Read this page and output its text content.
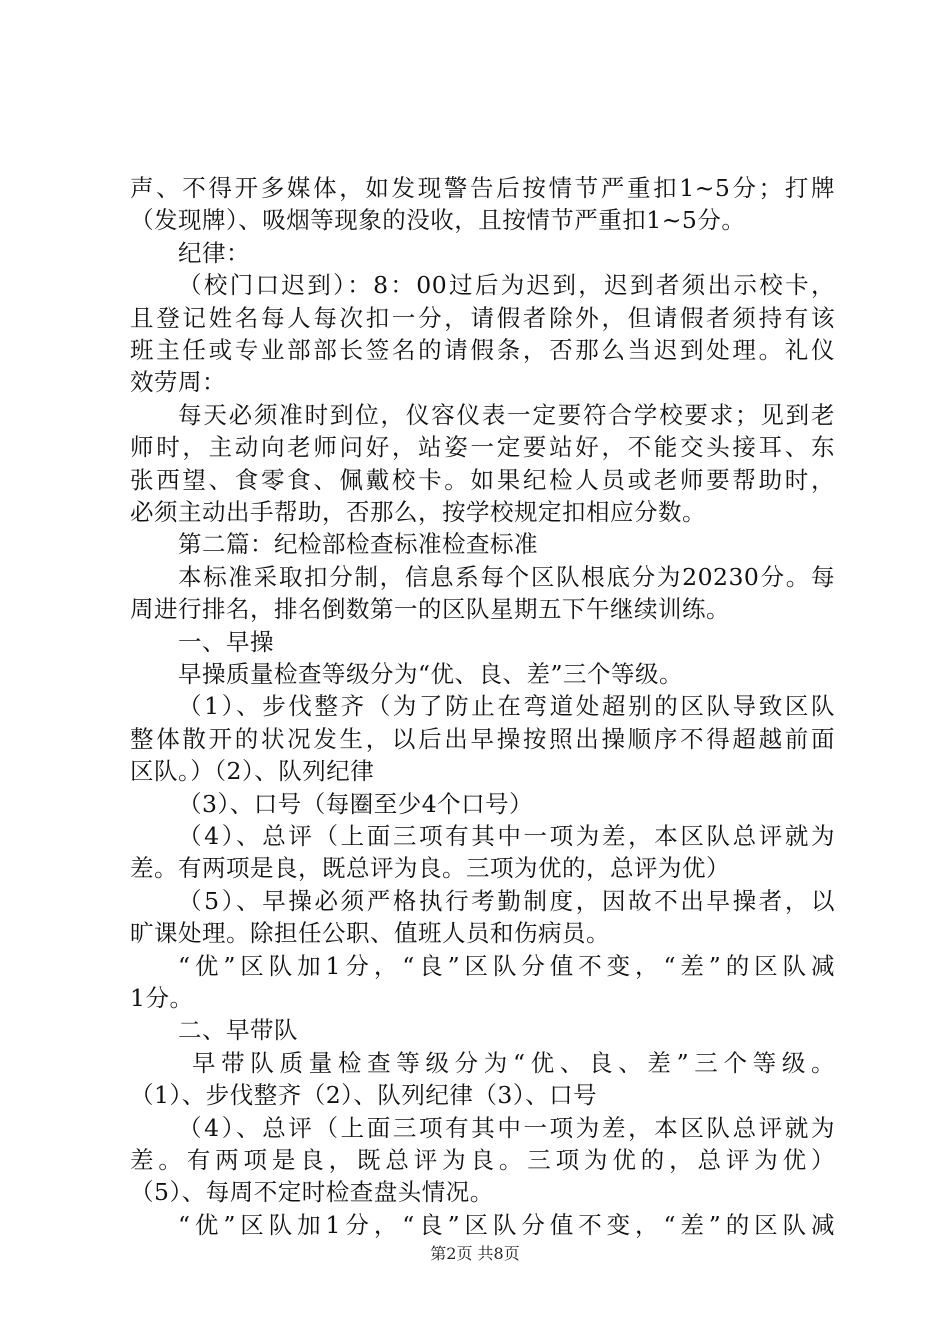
声、不得开多媒体，如发现警告后按情节严重扣1~5分；打牌
（发现牌）、吸烟等现象的没收，且按情节严重扣1~5分。
纪律：
（校门口迟到）：8：00过后为迟到，迟到者须出示校卡，
且登记姓名每人每次扣一分，请假者除外，但请假者须持有该
班主任或专业部部长签名的请假条，否那么当迟到处理。礼仪
效劳周：
每天必须准时到位，仪容仪表一定要符合学校要求；见到老
师时，主动向老师问好，站姿一定要站好，不能交头接耳、东
张西望、食零食、佩戴校卡。如果纪检人员或老师要帮助时，
必须主动出手帮助，否那么，按学校规定扣相应分数。
第二篇：纪检部检查标准检查标准
本标准采取扣分制，信息系每个区队根底分为20230分。每
周进行排名，排名倒数第一的区队星期五下午继续训练。
一、早操
早操质量检查等级分为“优、良、差”三个等级。
（1）、步伐整齐（为了防止在弯道处超别的区队导致区队
整体散开的状况发生，以后出早操按照出操顺序不得超越前面
区队。）（2）、队列纪律
（3）、口号（每圈至少4个口号）
（4）、总评（上面三项有其中一项为差，本区队总评就为
差。有两项是良，既总评为良。三项为优的，总评为优）
（5）、早操必须严格执行考勤制度，因故不出早操者，以
旷课处理。除担任公职、值班人员和伤病员。
“优”区队加1分，“良”区队分值不变，“差”的区队减
1分。
二、早带队
早带队质量检查等级分为“优、良、差”三个等级。
（1）、步伐整齐（2）、队列纪律（3）、口号
（4）、总评（上面三项有其中一项为差，本区队总评就为
差。有两项是良，既总评为良。三项为优的，总评为优）
（5）、每周不定时检查盘头情况。
“优”区队加1分，“良”区队分值不变，“差”的区队减
第2页 共8页
